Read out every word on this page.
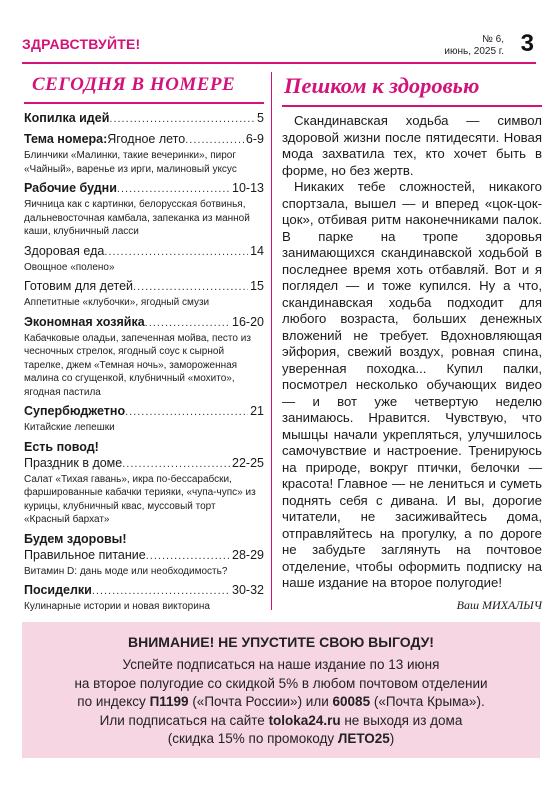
ЗДРАВСТВУЙТЕ!	№ 6,
июнь, 2025 г. 3
СЕГОДНЯ В НОМЕРЕ
Копилка идей .....	5
Тема номера: Ягодное лето .....	6-9
Блинчики «Малинки, такие вечеринки», пирог «Чайный», варенье из ирги, малиновый уксус
Рабочие будни .....	10-13
Яичница как с картинки, белорусская ботвинья, дальневосточная камбала, запеканка из манной каши, клубничный ласси
Здоровая еда .....	14
Овощное «полено»
Готовим для детей .....	15
Аппетитные «клубочки», ягодный смузи
Экономная хозяйка .....	16-20
Кабачковые оладьи, запеченная мойва, песто из чесночных стрелок, ягодный соус к сырной тарелке, джем «Темная ночь», замороженная малина со сгущенкой, клубничный «мохито», ягодная пастила
Супербюджетно .....	21
Китайские лепешки
Есть повод!
Праздник в доме .....	22-25
Салат «Тихая гавань», икра по-бессарабски, фаршированные кабачки терияки, «чупа-чупс» из курицы, клубничный квас, муссовый торт «Красный бархат»
Будем здоровы!
Правильное питание .....	28-29
Витамин D: дань моде или необходимость?
Посиделки .....	30-32
Кулинарные истории и новая викторина
Пешком к здоровью

Скандинавская ходьба — символ здоровой жизни после пятидесяти. Новая мода захватила тех, кто хочет быть в форме, но без жертв.

Никаких тебе сложностей, никакого спортзала, вышел — и вперед «цок-цок-цок», отбивая ритм наконечниками палок. В парке на тропе здоровья занимающихся скандинавской ходьбой в последнее время хоть отбавляй. Вот и я поглядел — и тоже купился. Ну а что, скандинавская ходьба подходит для любого возраста, больших денежных вложений не требует. Вдохновляющая эйфория, свежий воздух, ровная спина, уверенная походка... Купил палки, посмотрел несколько обучающих видео — и вот уже четвертую неделю занимаюсь. Нравится. Чувствую, что мышцы начали укрепляться, улучшилось самочувствие и настроение. Тренируюсь на природе, вокруг птички, белочки — красота! Главное — не лениться и суметь поднять себя с дивана. И вы, дорогие читатели, не засиживайтесь дома, отправляйтесь на прогулку, а по дороге не забудьте заглянуть на почтовое отделение, чтобы оформить подписку на наше издание на второе полугодие!

Ваш МИХАЛЫЧ
ВНИМАНИЕ! НЕ УПУСТИТЕ СВОЮ ВЫГОДУ!
Успейте подписаться на наше издание по 13 июня
на второе полугодие со скидкой 5% в любом почтовом отделении
по индексу П1199 («Почта России») или 60085 («Почта Крыма»).
Или подписаться на сайте toloka24.ru не выходя из дома
(скидка 15% по промокоду ЛЕТО25)
